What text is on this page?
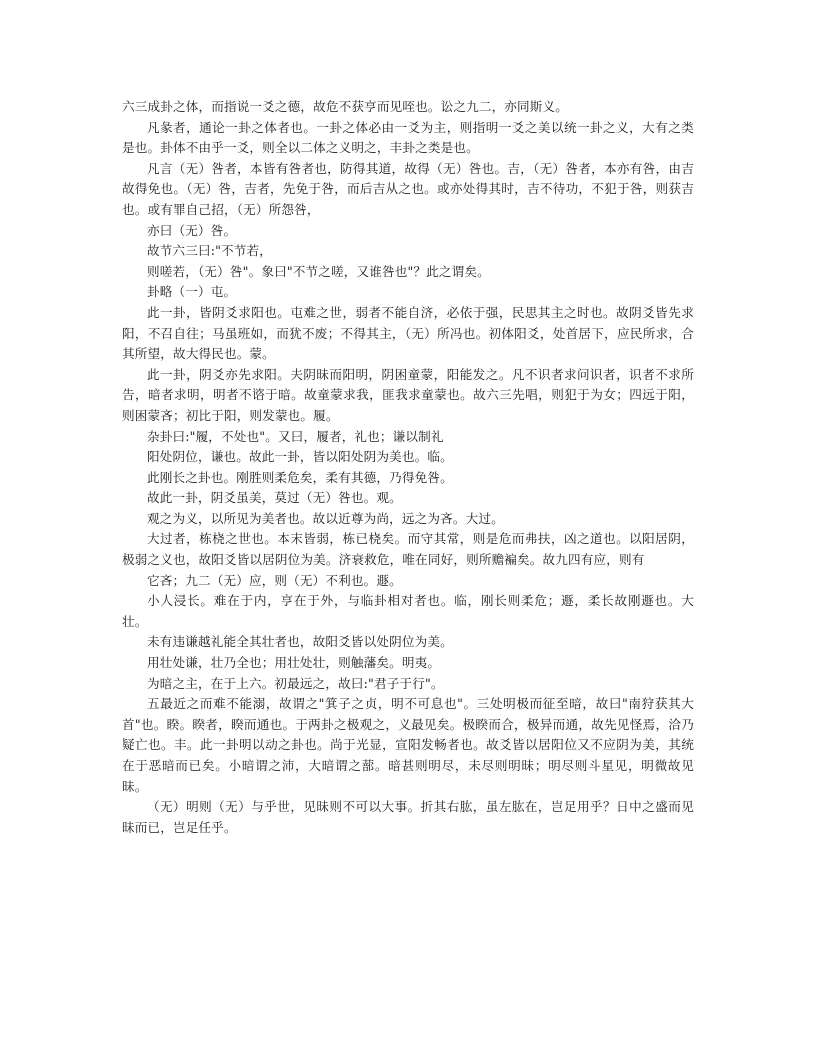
六三成卦之体，而指说一爻之德，故危不获亨而见咥也。讼之九二，亦同斯义。

凡彖者，通论一卦之体者也。一卦之体必由一爻为主，则指明一爻之美以统一卦之义，大有之类是也。卦体不由乎一爻，则全以二体之义明之，丰卦之类是也。

凡言（无）咎者，本皆有咎者也，防得其道，故得（无）咎也。吉，（无）咎者，本亦有咎，由吉故得免也。（无）咎，吉者，先免于咎，而后吉从之也。或亦处得其时，吉不待功，不犯于咎，则获吉也。或有罪自己招，（无）所怨咎，

亦曰（无）咎。

故节六三曰:"不节若，

则嗟若，（无）咎"。象曰"不节之嗟，又谁咎也"？此之谓矣。

卦略（一）屯。

此一卦，皆阴爻求阳也。屯难之世，弱者不能自济，必依于强，民思其主之时也。故阴爻皆先求阳，不召自往；马虽班如，而犹不废；不得其主，（无）所冯也。初体阳爻，处首居下，应民所求，合其所望，故大得民也。蒙。

此一卦，阴爻亦先求阳。夫阴昧而阳明，阴困童蒙，阳能发之。凡不识者求问识者，识者不求所告，暗者求明，明者不谘于暗。故童蒙求我，匪我求童蒙也。故六三先唱，则犯于为女；四远于阳，则困蒙吝；初比于阳，则发蒙也。履。

杂卦曰:"履，不处也"。又曰，履者，礼也；谦以制礼

阳处阴位，谦也。故此一卦，皆以阳处阴为美也。临。

此刚长之卦也。刚胜则柔危矣，柔有其德，乃得免咎。

故此一卦，阴爻虽美，莫过（无）咎也。观。

观之为义，以所见为美者也。故以近尊为尚，远之为吝。大过。

大过者，栋桡之世也。本末皆弱，栋已桡矣。而守其常，则是危而弗扶，凶之道也。以阳居阴，极弱之义也，故阳爻皆以居阴位为美。济衰救危，唯在同好，则所赡褊矣。故九四有应，则有

它吝；九二（无）应，则（无）不利也。遯。

小人浸长。难在于内，亨在于外，与临卦相对者也。临，刚长则柔危；遯，柔长故刚遯也。大壮。

未有违谦越礼能全其壮者也，故阳爻皆以处阴位为美。

用壮处谦，壮乃全也；用壮处壮，则触藩矣。明夷。

为暗之主，在于上六。初最远之，故曰:"君子于行"。

五最近之而难不能溺，故谓之"箕子之贞，明不可息也"。三处明极而征至暗，故曰"南狩获其大首"也。睽。睽者，睽而通也。于两卦之极观之，义最见矣。极睽而合，极异而通，故先见怪焉，洽乃疑亡也。丰。此一卦明以动之卦也。尚于光显，宣阳发畅者也。故爻皆以居阳位又不应阴为美，其统在于恶暗而已矣。小暗谓之沛，大暗谓之蔀。暗甚则明尽，未尽则明昧；明尽则斗星见，明微故见昧。

（无）明则（无）与乎世，见昧则不可以大事。折其右肱，虽左肱在，岂足用乎？日中之盛而见昧而已，岂足任乎。
